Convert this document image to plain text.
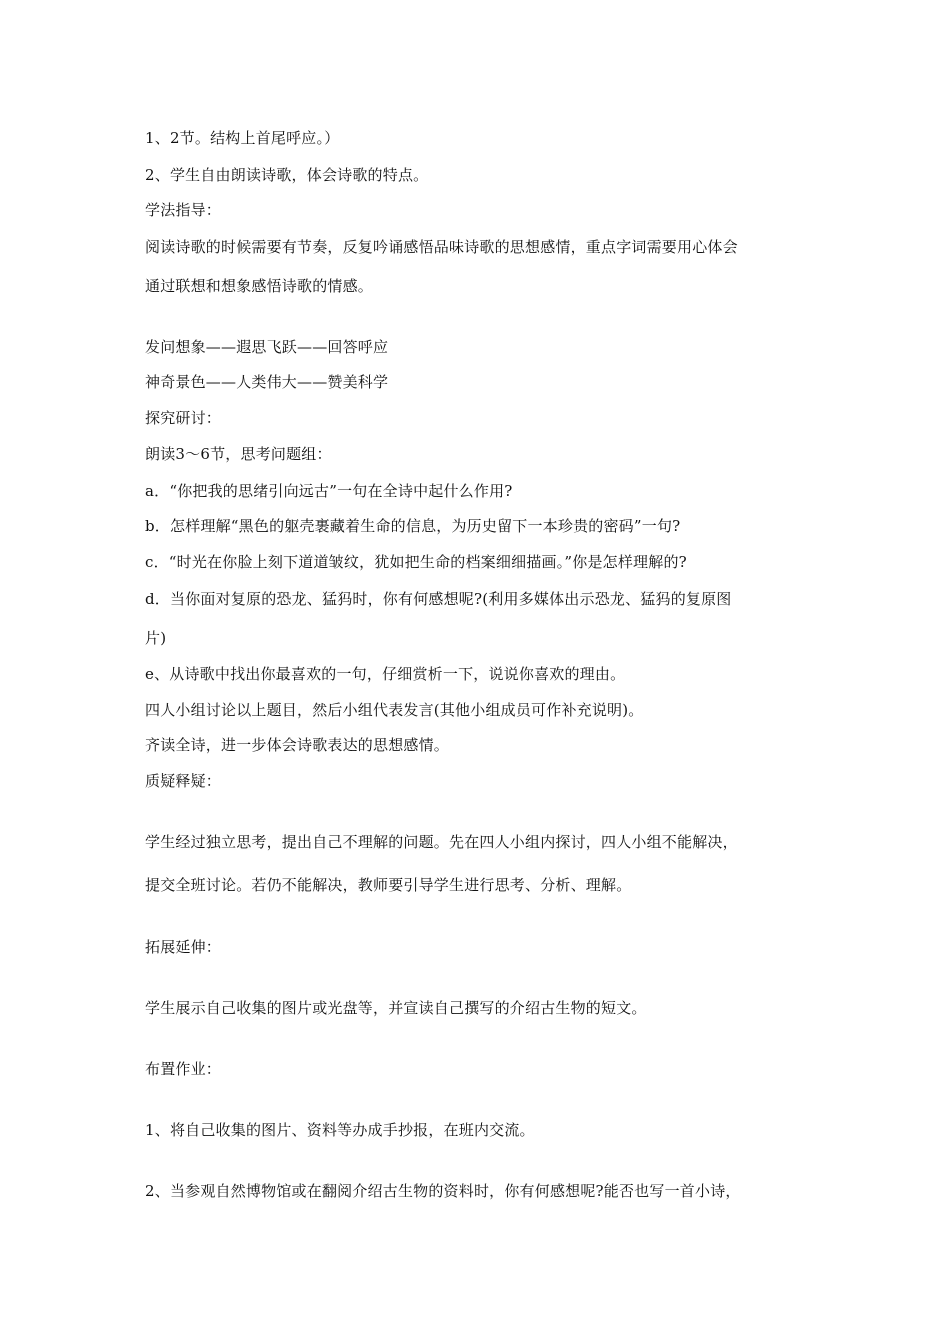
1、2节。结构上首尾呼应。）
2、学生自由朗读诗歌，体会诗歌的特点。
学法指导：
阅读诗歌的时候需要有节奏，反复吟诵感悟品味诗歌的思想感情，重点字词需要用心体会
通过联想和想象感悟诗歌的情感。
发问想象——遐思飞跃——回答呼应
神奇景色——人类伟大——赞美科学
探究研讨：
朗读3～6节，思考问题组：
a．“你把我的思绪引向远古”一句在全诗中起什么作用?
b．怎样理解“黑色的躯壳裹藏着生命的信息，为历史留下一本珍贵的密码”一句?
c．“时光在你脸上刻下道道皱纹，犹如把生命的档案细细描画。”你是怎样理解的?
d．当你面对复原的恐龙、猛犸时，你有何感想呢?(利用多媒体出示恐龙、猛犸的复原图
片)
e、从诗歌中找出你最喜欢的一句，仔细赏析一下，说说你喜欢的理由。
四人小组讨论以上题目，然后小组代表发言(其他小组成员可作补充说明)。
齐读全诗，进一步体会诗歌表达的思想感情。
质疑释疑：
学生经过独立思考，提出自己不理解的问题。先在四人小组内探讨，四人小组不能解决，
提交全班讨论。若仍不能解决，教师要引导学生进行思考、分析、理解。
拓展延伸：
学生展示自己收集的图片或光盘等，并宣读自己撰写的介绍古生物的短文。
布置作业：
1、将自己收集的图片、资料等办成手抄报，在班内交流。
2、当参观自然博物馆或在翻阅介绍古生物的资料时，你有何感想呢?能否也写一首小诗，
